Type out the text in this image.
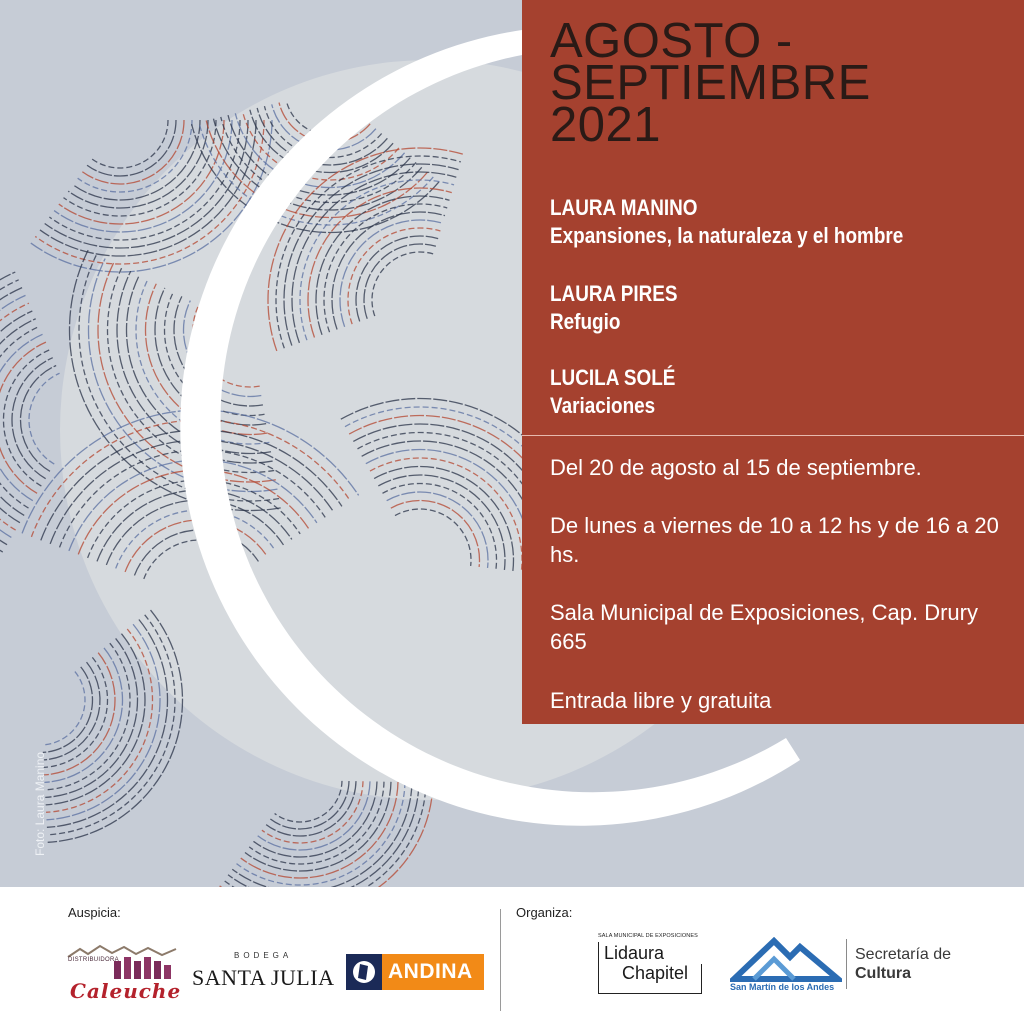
Foto: Laura Manino
AGOSTO -
SEPTIEMBRE
2021
LAURA MANINO
Expansiones, la naturaleza y el hombre
LAURA PIRES
Refugio
LUCILA SOLÉ
Variaciones
Del 20 de agosto al 15 de septiembre.
De lunes a viernes de 10 a 12 hs y de 16 a 20 hs.
Sala Municipal de Exposiciones, Cap. Drury 665
Entrada libre y gratuita
Auspicia:	Organiza:
DISTRIBUIDORA
Caleuche
BODEGA
SANTA JULIA	ANDINA
SALA MUNICIPAL DE EXPOSICIONES
Lidaura
Chapitel
San Martín de los Andes
Secretaría de
Cultura
